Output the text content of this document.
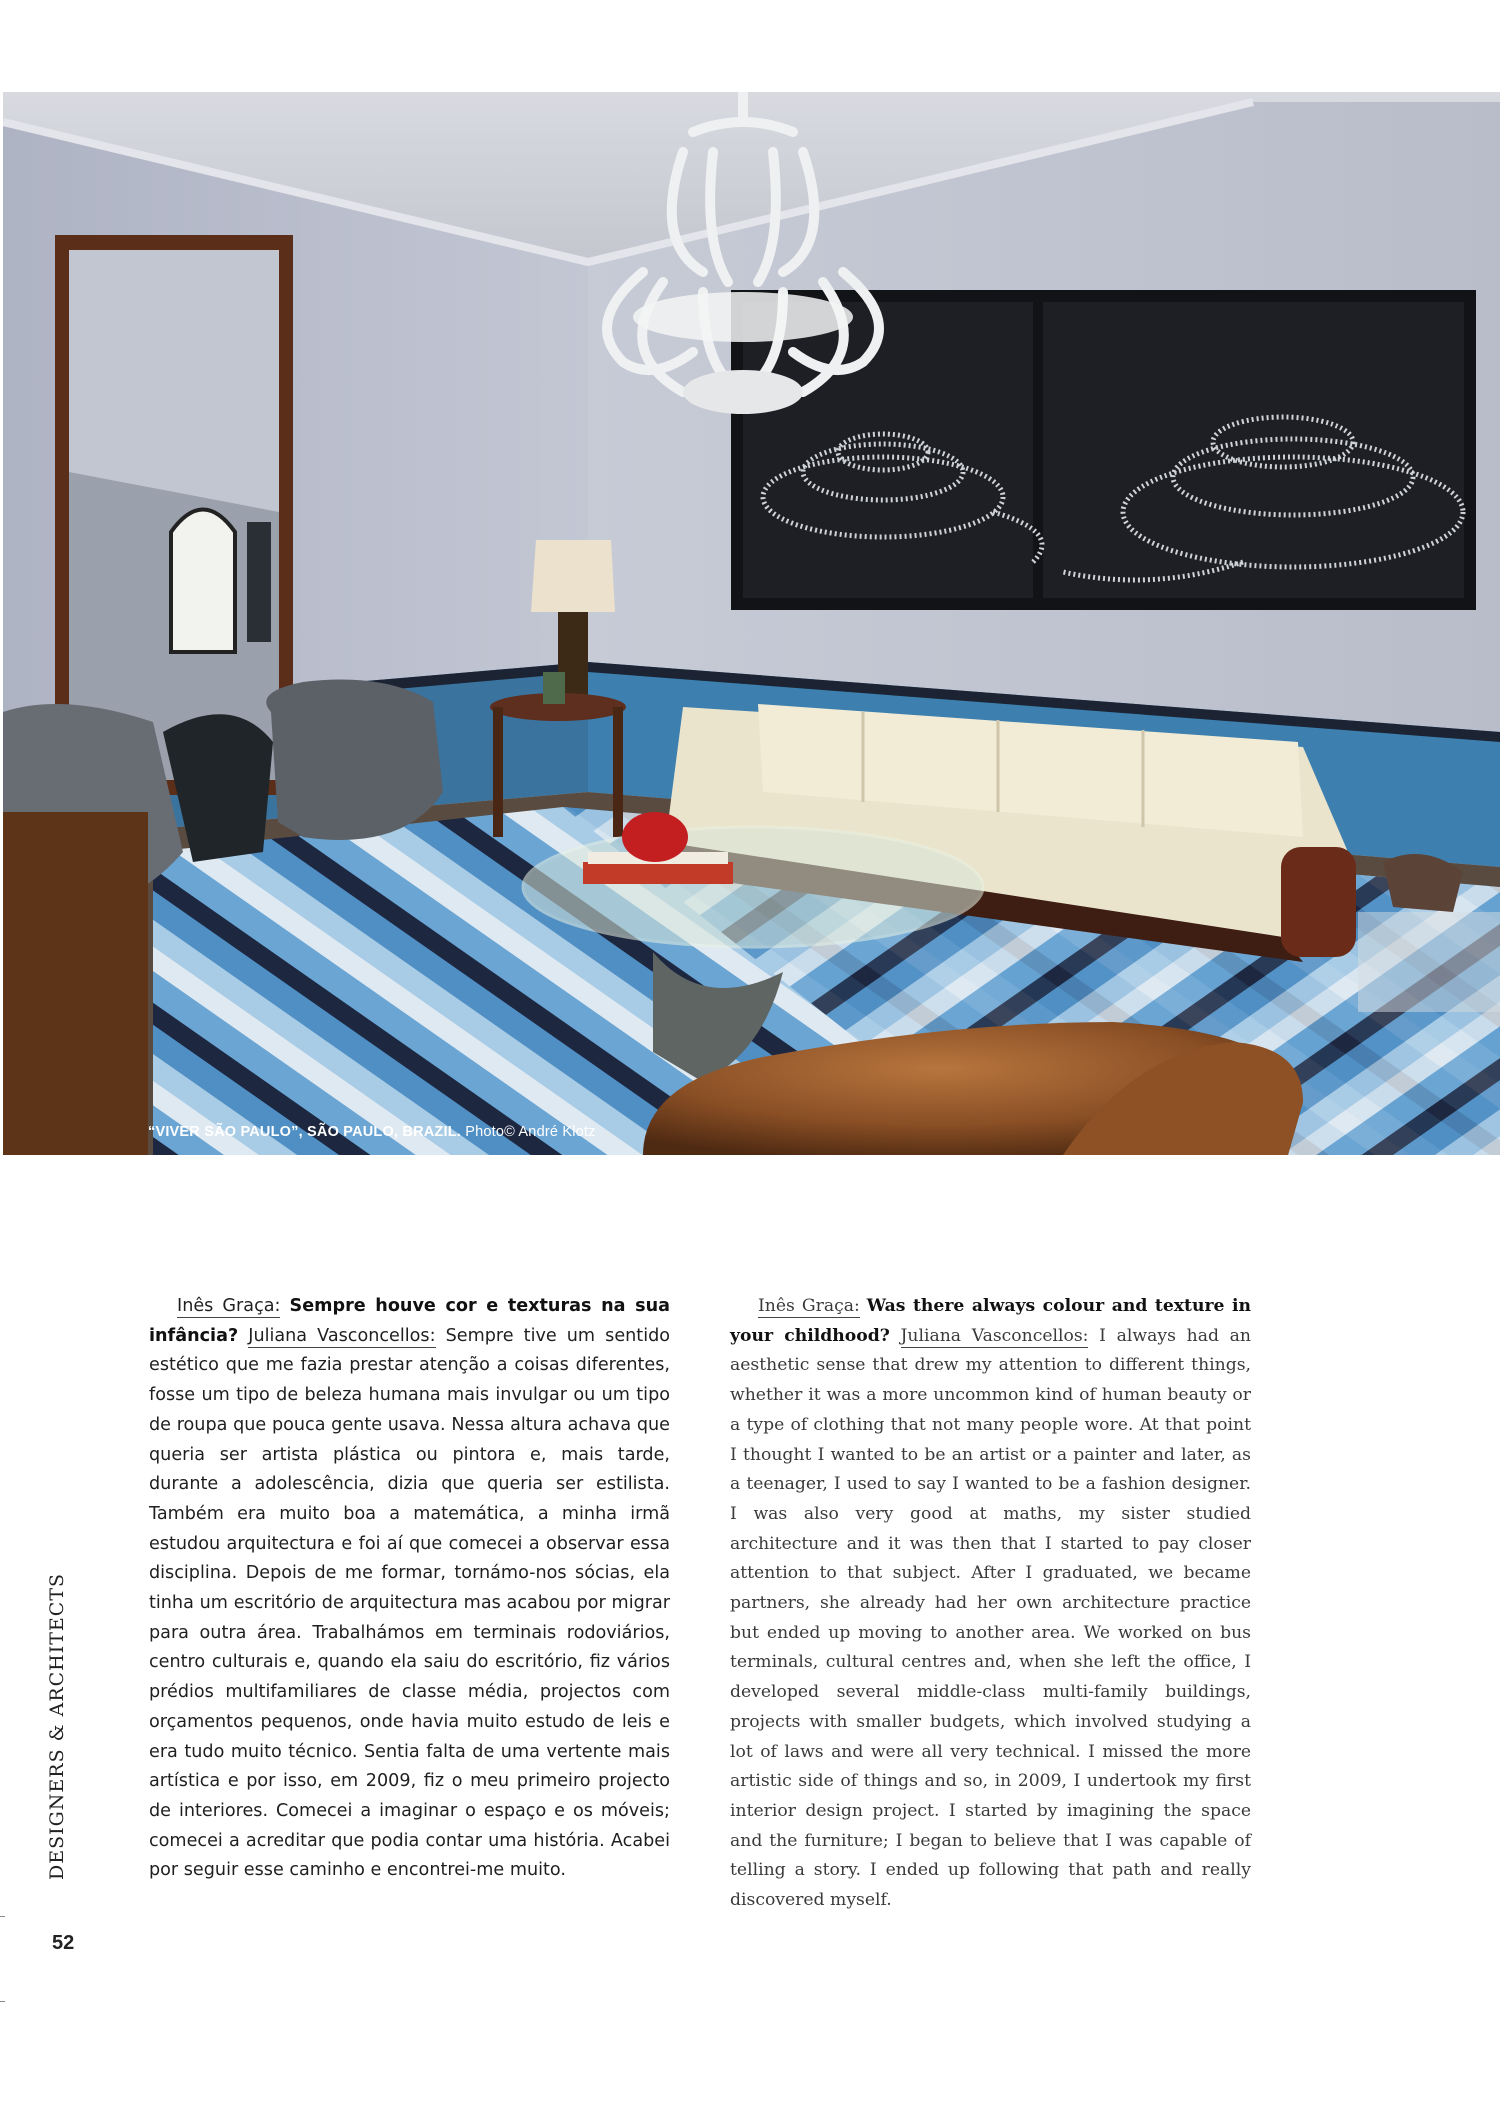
“VIVER SÃO PAULO”, SÃO PAULO, BRAZIL. Photo© André Klotz

Inês Graça: Sempre houve cor e texturas na sua infância? Juliana Vasconcellos: Sempre tive um sentido estético que me fazia prestar atenção a coisas diferentes, fosse um tipo de beleza humana mais invulgar ou um tipo de roupa que pouca gente usava. Nessa altura achava que queria ser artista plástica ou pintora e, mais tarde, durante a adolescência, dizia que queria ser estilista. Também era muito boa a matemática, a minha irmã estudou arquitectura e foi aí que comecei a observar essa disciplina. Depois de me formar, tornámo-nos sócias, ela tinha um escritório de arquitectura mas acabou por migrar para outra área. Trabalhámos em terminais rodoviários, centro culturais e, quando ela saiu do escritório, fiz vários prédios multifamiliares de classe média, projectos com orçamentos pequenos, onde havia muito estudo de leis e era tudo muito técnico. Sentia falta de uma vertente mais artística e por isso, em 2009, fiz o meu primeiro projecto de interiores. Comecei a imaginar o espaço e os móveis; comecei a acreditar que podia contar uma história. Acabei por seguir esse caminho e encontrei-me muito.

Inês Graça: Was there always colour and texture in your childhood? Juliana Vasconcellos: I always had an aesthetic sense that drew my attention to different things, whether it was a more uncommon kind of human beauty or a type of clothing that not many people wore. At that point I thought I wanted to be an artist or a painter and later, as a teenager, I used to say I wanted to be a fashion designer. I was also very good at maths, my sister studied architecture and it was then that I started to pay closer attention to that subject. After I graduated, we became partners, she already had her own architecture practice but ended up moving to another area. We worked on bus terminals, cultural centres and, when she left the office, I developed several middle-class multi-family buildings, projects with smaller budgets, which involved studying a lot of laws and were all very technical. I missed the more artistic side of things and so, in 2009, I undertook my first interior design project. I started by imagining the space and the furniture; I began to believe that I was capable of telling a story. I ended up following that path and really discovered myself.

DESIGNERS & ARCHITECTS
52
